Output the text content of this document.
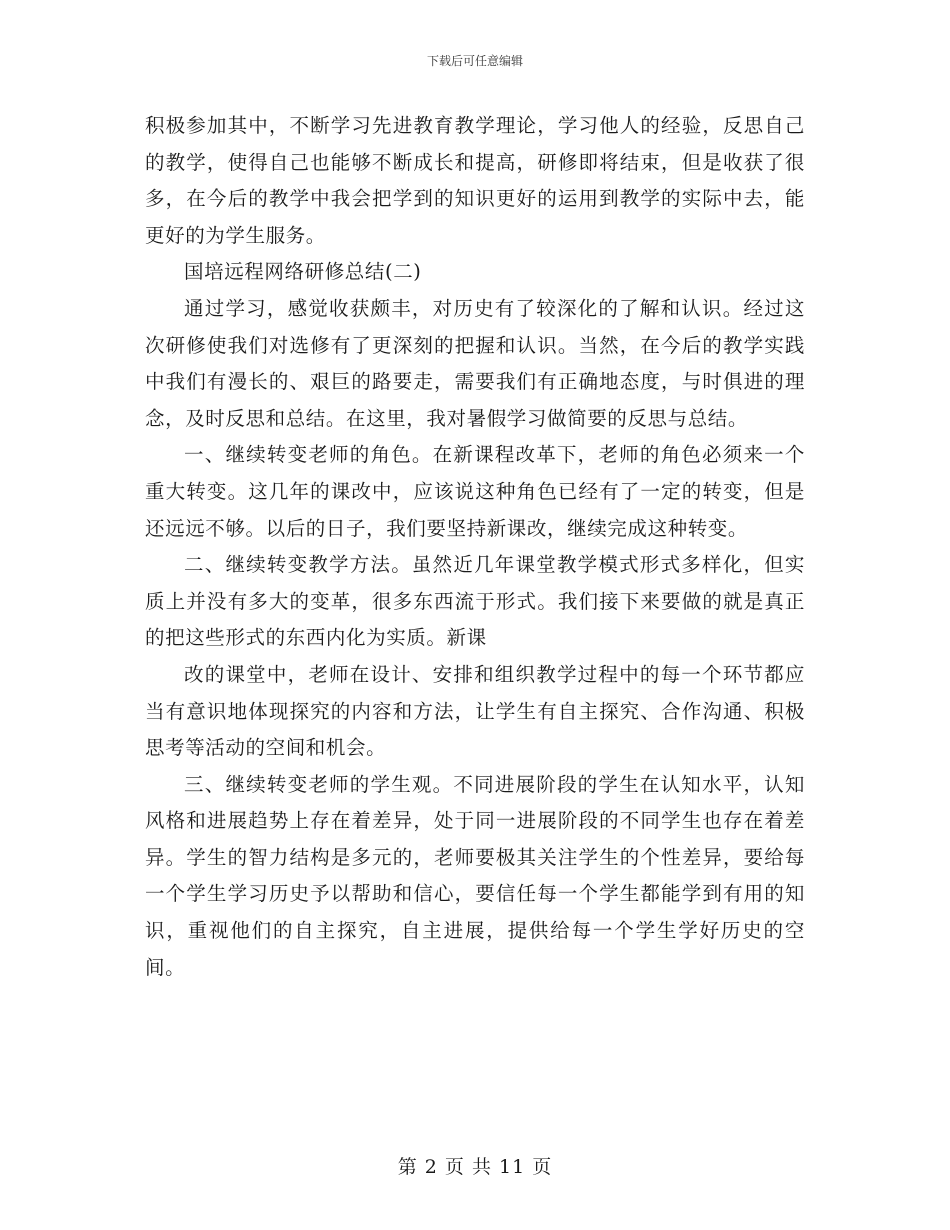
下载后可任意编辑

积极参加其中，不断学习先进教育教学理论，学习他人的经验，反思自己的教学，使得自己也能够不断成长和提高，研修即将结束，但是收获了很多，在今后的教学中我会把学到的知识更好的运用到教学的实际中去，能更好的为学生服务。

国培远程网络研修总结(二)

通过学习，感觉收获颇丰，对历史有了较深化的了解和认识。经过这次研修使我们对选修有了更深刻的把握和认识。当然，在今后的教学实践中我们有漫长的、艰巨的路要走，需要我们有正确地态度，与时俱进的理念，及时反思和总结。在这里，我对暑假学习做简要的反思与总结。

一、继续转变老师的角色。在新课程改革下，老师的角色必须来一个重大转变。这几年的课改中，应该说这种角色已经有了一定的转变，但是还远远不够。以后的日子，我们要坚持新课改，继续完成这种转变。

二、继续转变教学方法。虽然近几年课堂教学模式形式多样化，但实质上并没有多大的变革，很多东西流于形式。我们接下来要做的就是真正的把这些形式的东西内化为实质。新课

改的课堂中，老师在设计、安排和组织教学过程中的每一个环节都应当有意识地体现探究的内容和方法，让学生有自主探究、合作沟通、积极思考等活动的空间和机会。

三、继续转变老师的学生观。不同进展阶段的学生在认知水平，认知风格和进展趋势上存在着差异，处于同一进展阶段的不同学生也存在着差异。学生的智力结构是多元的，老师要极其关注学生的个性差异，要给每一个学生学习历史予以帮助和信心，要信任每一个学生都能学到有用的知识，重视他们的自主探究，自主进展，提供给每一个学生学好历史的空间。

第 2 页 共 11 页
